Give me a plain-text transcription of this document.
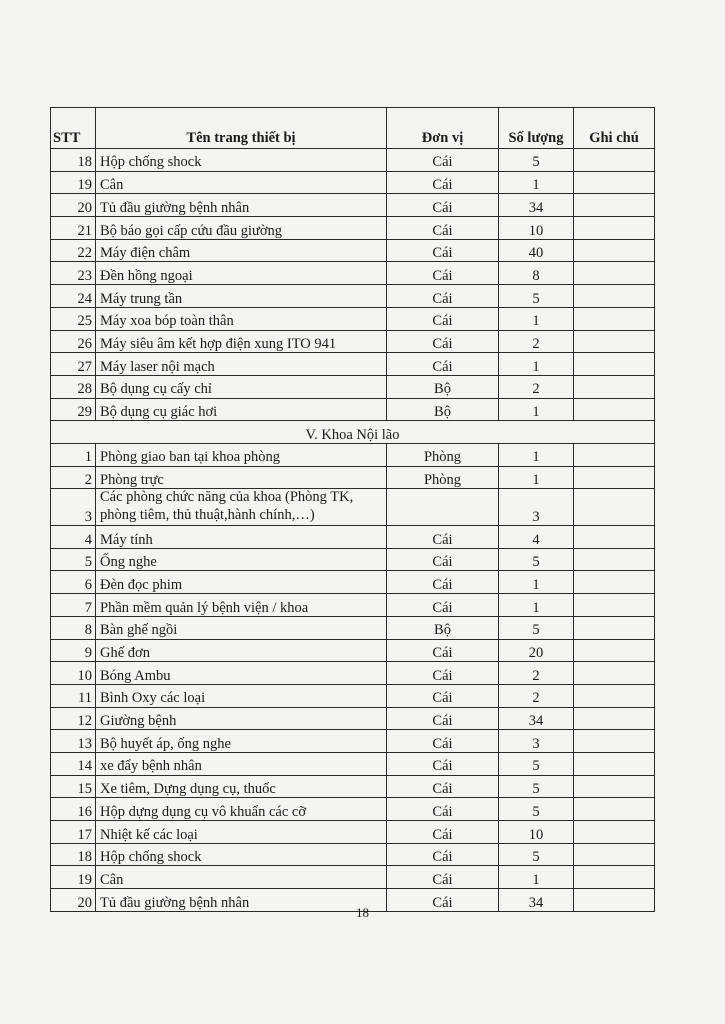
STT	Tên trang thiết bị	Đơn vị	Số lượng	Ghi chú
18	Hộp chống shock	Cái	5	
19	Cân	Cái	1	
20	Tủ đầu giường bệnh nhân	Cái	34	
21	Bộ báo gọi cấp cứu đầu giường	Cái	10	
22	Máy điện châm	Cái	40	
23	Đền hồng ngoại	Cái	8	
24	Máy trung tần	Cái	5	
25	Máy xoa bóp toàn thân	Cái	1	
26	Máy siêu âm kết hợp điện xung ITO 941	Cái	2	
27	Máy laser nội mạch	Cái	1	
28	Bộ dụng cụ cấy chỉ	Bộ	2	
29	Bộ dụng cụ giác hơi	Bộ	1	
V. Khoa Nội lão				
1	Phòng giao ban tại khoa phòng	Phòng	1	
2	Phòng trực	Phòng	1	
3	Các phòng chức năng của khoa (Phòng TK, phòng tiêm, thủ thuật,hành chính,…)		3	
4	Máy tính	Cái	4	
5	Ống nghe	Cái	5	
6	Đèn đọc phim	Cái	1	
7	Phần mềm quản lý bệnh viện / khoa	Cái	1	
8	Bàn ghế ngồi	Bộ	5	
9	Ghế đơn	Cái	20	
10	Bóng Ambu	Cái	2	
11	Bình Oxy các loại	Cái	2	
12	Giường bệnh	Cái	34	
13	Bộ huyết áp, ống nghe	Cái	3	
14	xe đẩy bệnh nhân	Cái	5	
15	Xe tiêm, Dựng dụng cụ, thuốc	Cái	5	
16	Hộp dựng dụng cụ vô khuẩn các cỡ	Cái	5	
17	Nhiệt kế các loại	Cái	10	
18	Hộp chống shock	Cái	5	
19	Cân	Cái	1	
20	Tủ đầu giường bệnh nhân	Cái	34	
18
